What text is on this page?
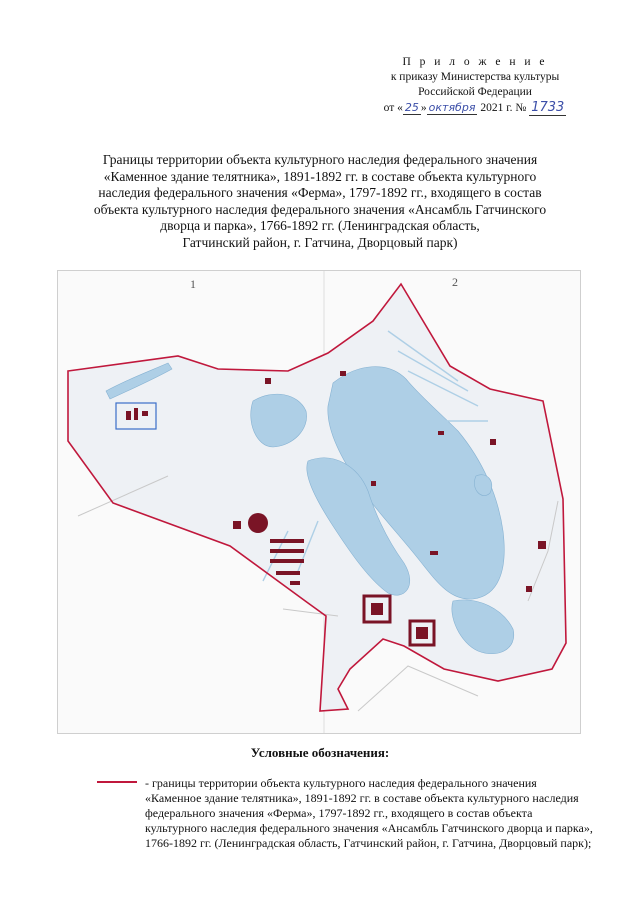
П р и л о ж е н и е
к приказу Министерства культуры
Российской Федерации
от « 25 » октября 2021 г. № 1733
Границы территории объекта культурного наследия федерального значения
«Каменное здание телятника», 1891-1892 гг. в составе объекта культурного
наследия федерального значения «Ферма», 1797-1892 гг., входящего в состав
объекта культурного наследия федерального значения «Ансамбль Гатчинского
дворца и парка», 1766-1892 гг. (Ленинградская область,
Гатчинский район, г. Гатчина, Дворцовый парк)
1	2
Условные обозначения:
- границы территории объекта культурного наследия федерального значения «Каменное здание телятника», 1891-1892 гг. в составе объекта культурного наследия федерального значения «Ферма», 1797-1892 гг., входящего в состав объекта культурного наследия федерального значения «Ансамбль Гатчинского дворца и парка», 1766-1892 гг. (Ленинградская область, Гатчинский район, г. Гатчина, Дворцовый парк);
